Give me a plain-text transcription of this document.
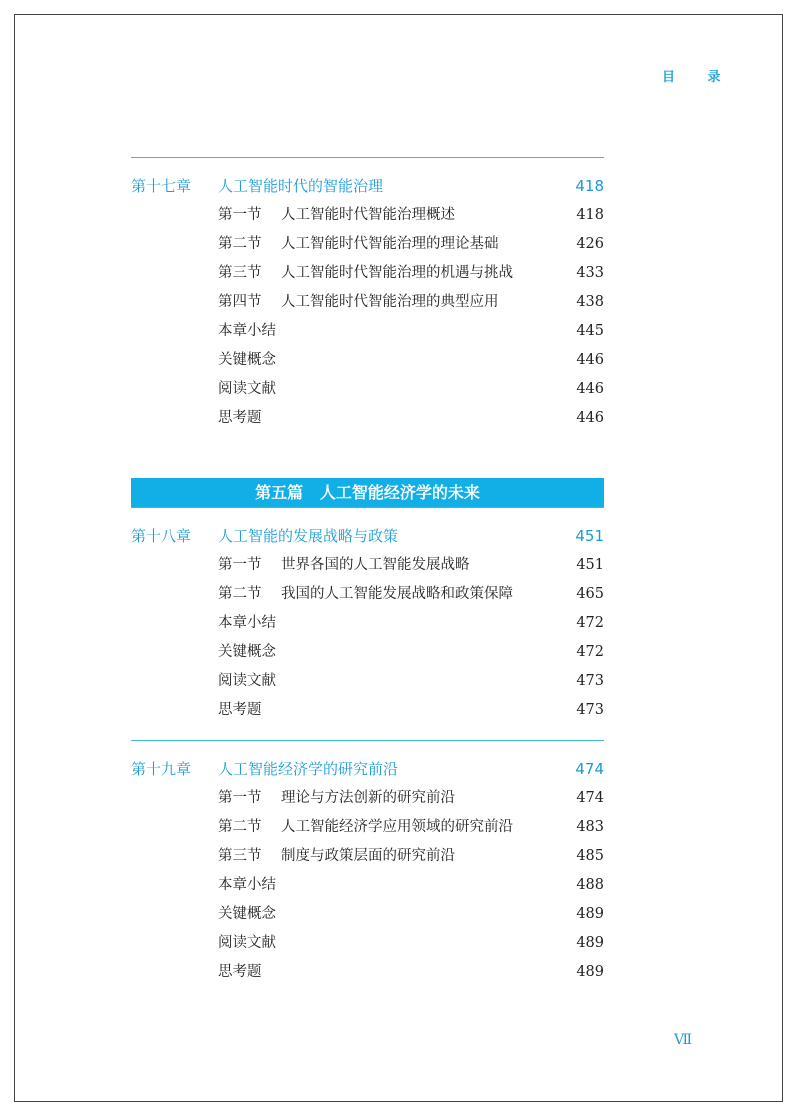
目 录
第十七章	人工智能时代的智能治理	418
第一节	人工智能时代智能治理概述	418
第二节	人工智能时代智能治理的理论基础	426
第三节	人工智能时代智能治理的机遇与挑战	433
第四节	人工智能时代智能治理的典型应用	438
本章小结	445
关键概念	446
阅读文献	446
思考题	446
第五篇 人工智能经济学的未来
第十八章	人工智能的发展战略与政策	451
第一节	世界各国的人工智能发展战略	451
第二节	我国的人工智能发展战略和政策保障	465
本章小结	472
关键概念	472
阅读文献	473
思考题	473
第十九章	人工智能经济学的研究前沿	474
第一节	理论与方法创新的研究前沿	474
第二节	人工智能经济学应用领域的研究前沿	483
第三节	制度与政策层面的研究前沿	485
本章小结	488
关键概念	489
阅读文献	489
思考题	489
Ⅶ
